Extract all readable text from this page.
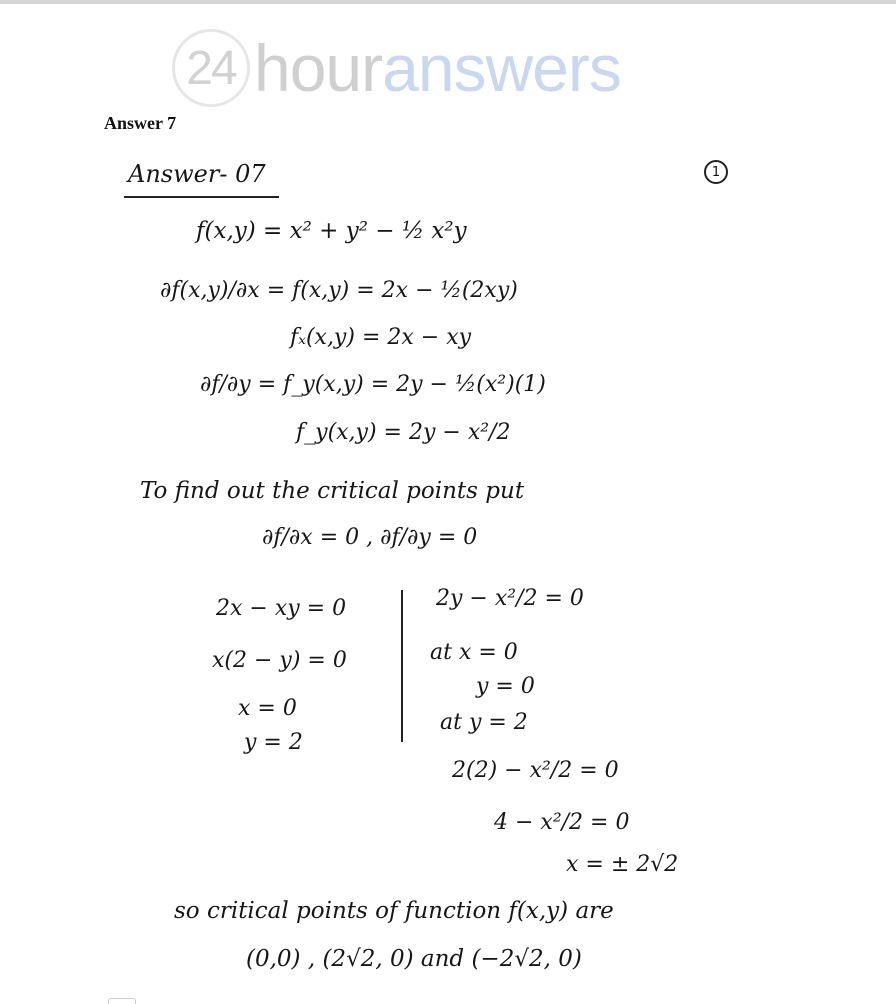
24 hour answers
Answer 7
1
Answer- 07
f(x,y) = x² + y² − ½ x²y
∂f(x,y)/∂x = f(x,y) = 2x − ½(2xy)
fₓ(x,y) = 2x − xy
∂f/∂y = f_y(x,y) = 2y − ½(x²)(1)
f_y(x,y) = 2y − x²/2
To find out the critical points put
∂f/∂x = 0 , ∂f/∂y = 0
2x − xy = 0
x(2 − y) = 0
x = 0
y = 2
2y − x²/2 = 0
at x = 0
y = 0
at y = 2
2(2) − x²/2 = 0
4 − x²/2 = 0
x = ± 2√2
so critical points of function f(x,y) are
(0,0) , (2√2, 0) and (−2√2, 0)
